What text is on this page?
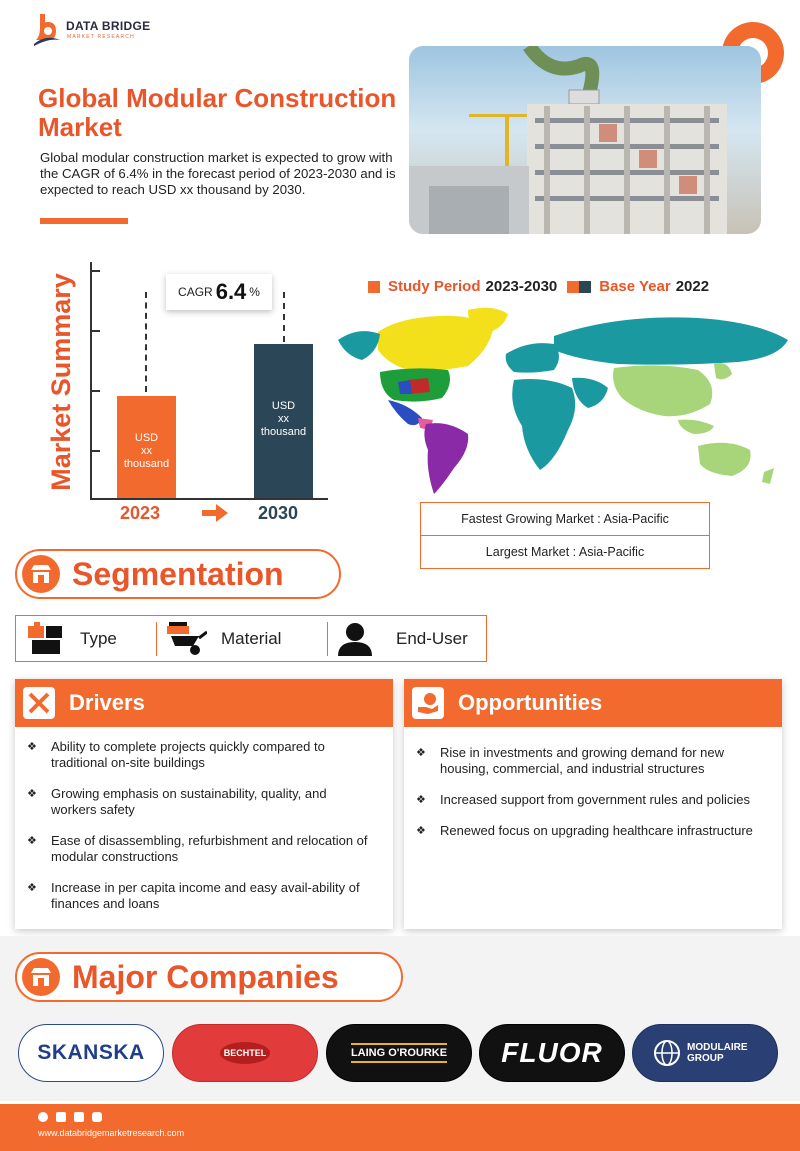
DATA BRIDGE
MARKET RESEARCH
Global Modular Construction Market
Global modular construction market is expected to grow with the CAGR of 6.4% in the forecast period of 2023-2030 and is expected to reach USD xx thousand by 2030.
Market Summary	USD
xx
thousand
USD
xx
thousand
CAGR 6.4 %
2023	2030
Study Period 2023-2030	Base Year 2022
Fastest Growing Market : Asia-Pacific
Largest Market : Asia-Pacific
Segmentation
Type	Material	End-User
Drivers
❖	Ability to complete projects quickly compared to traditional on-site buildings
❖	Growing emphasis on sustainability, quality, and workers safety
❖	Ease of disassembling, refurbishment and relocation of modular constructions
❖	Increase in per capita income and easy avail-ability of finances and loans
Opportunities
❖	Rise in investments and growing demand for new housing, commercial, and industrial structures
❖	Increased support from government rules and policies
❖	Renewed focus on upgrading healthcare infrastructure
Major Companies
SKANSKA	BECHTEL	LAING O'ROURKE FLUOR	MODULAIRE GROUP
www.databridgemarketresearch.com
